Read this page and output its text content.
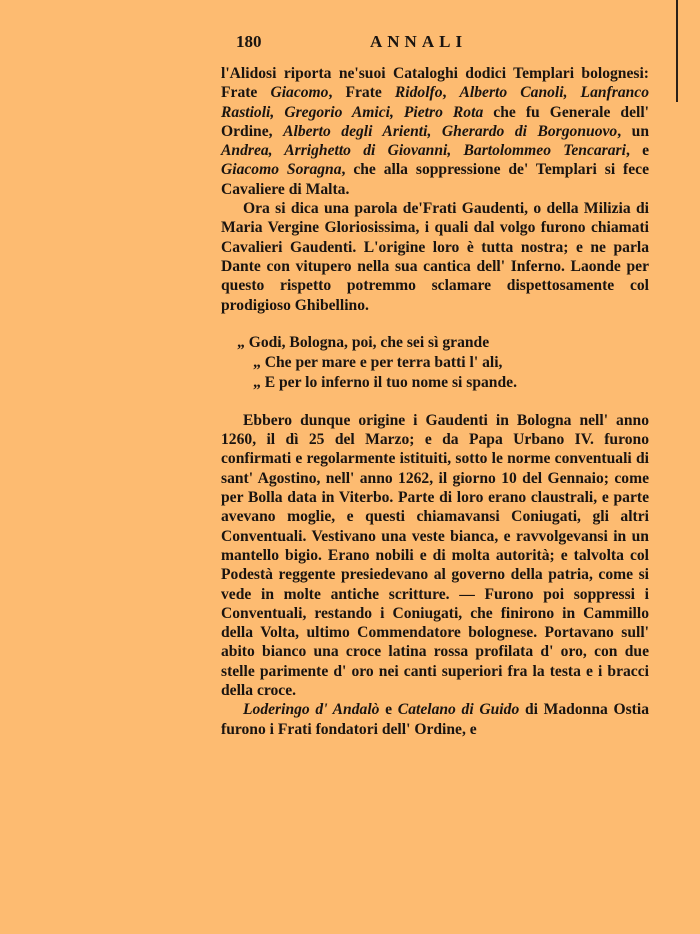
180	ANNALI

l'Alidosi riporta ne'suoi Cataloghi dodici Templari bolognesi: Frate Giacomo, Frate Ridolfo, Alberto Canoli, Lanfranco Rastioli, Gregorio Amici, Pietro Rota che fu Generale dell' Ordine, Alberto degli Arienti, Gherardo di Borgonuovo, un Andrea, Arrighetto di Giovanni, Bartolommeo Tencarari, e Giacomo Soragna, che alla soppressione de' Templari si fece Cavaliere di Malta.

Ora si dica una parola de'Frati Gaudenti, o della Milizia di Maria Vergine Gloriosissima, i quali dal volgo furono chiamati Cavalieri Gaudenti. L'origine loro è tutta nostra; e ne parla Dante con vitupero nella sua cantica dell' Inferno. Laonde per questo rispetto potremmo sclamare dispettosamente col prodigioso Ghibellino.

„ Godi, Bologna, poi, che sei sì grande
„ Che per mare e per terra batti l' ali,
„ E per lo inferno il tuo nome si spande.

Ebbero dunque origine i Gaudenti in Bologna nell' anno 1260, il dì 25 del Marzo; e da Papa Urbano IV. furono confirmati e regolarmente istituiti, sotto le norme conventuali di sant' Agostino, nell' anno 1262, il giorno 10 del Gennaio; come per Bolla data in Viterbo. Parte di loro erano claustrali, e parte avevano moglie, e questi chiamavansi Coniugati, gli altri Conventuali. Vestivano una veste bianca, e ravvolgevansi in un mantello bigio. Erano nobili e di molta autorità; e talvolta col Podestà reggente presiedevano al governo della patria, come si vede in molte antiche scritture. — Furono poi soppressi i Conventuali, restando i Coniugati, che finirono in Cammillo della Volta, ultimo Commendatore bolognese. Portavano sull' abito bianco una croce latina rossa profilata d' oro, con due stelle parimente d' oro nei canti superiori fra la testa e i bracci della croce.

Loderingo d' Andalò e Catelano di Guido di Madonna Ostia furono i Frati fondatori dell' Ordine, e
